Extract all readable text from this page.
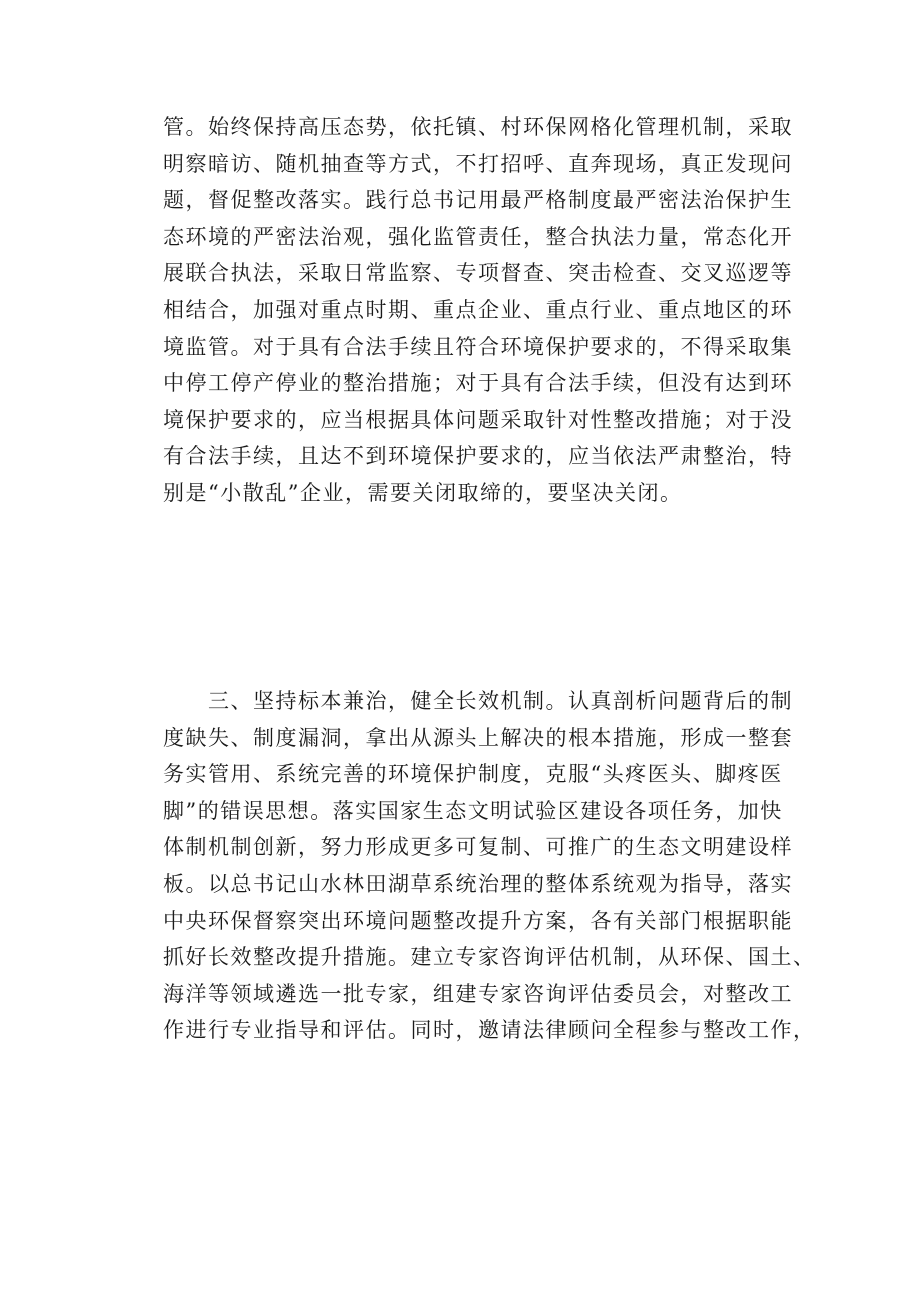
管。始终保持高压态势，依托镇、村环保网格化管理机制，采取
明察暗访、随机抽查等方式，不打招呼、直奔现场，真正发现问
题，督促整改落实。践行总书记用最严格制度最严密法治保护生
态环境的严密法治观，强化监管责任，整合执法力量，常态化开
展联合执法，采取日常监察、专项督查、突击检查、交叉巡逻等
相结合，加强对重点时期、重点企业、重点行业、重点地区的环
境监管。对于具有合法手续且符合环境保护要求的，不得采取集
中停工停产停业的整治措施；对于具有合法手续，但没有达到环
境保护要求的，应当根据具体问题采取针对性整改措施；对于没
有合法手续，且达不到环境保护要求的，应当依法严肃整治，特
别是“小散乱”企业，需要关闭取缔的，要坚决关闭。
　　三、坚持标本兼治，健全长效机制。认真剖析问题背后的制
度缺失、制度漏洞，拿出从源头上解决的根本措施，形成一整套
务实管用、系统完善的环境保护制度，克服“头疼医头、脚疼医
脚”的错误思想。落实国家生态文明试验区建设各项任务，加快
体制机制创新，努力形成更多可复制、可推广的生态文明建设样
板。以总书记山水林田湖草系统治理的整体系统观为指导，落实
中央环保督察突出环境问题整改提升方案，各有关部门根据职能
抓好长效整改提升措施。建立专家咨询评估机制，从环保、国土、
海洋等领域遴选一批专家，组建专家咨询评估委员会，对整改工
作进行专业指导和评估。同时，邀请法律顾问全程参与整改工作，
